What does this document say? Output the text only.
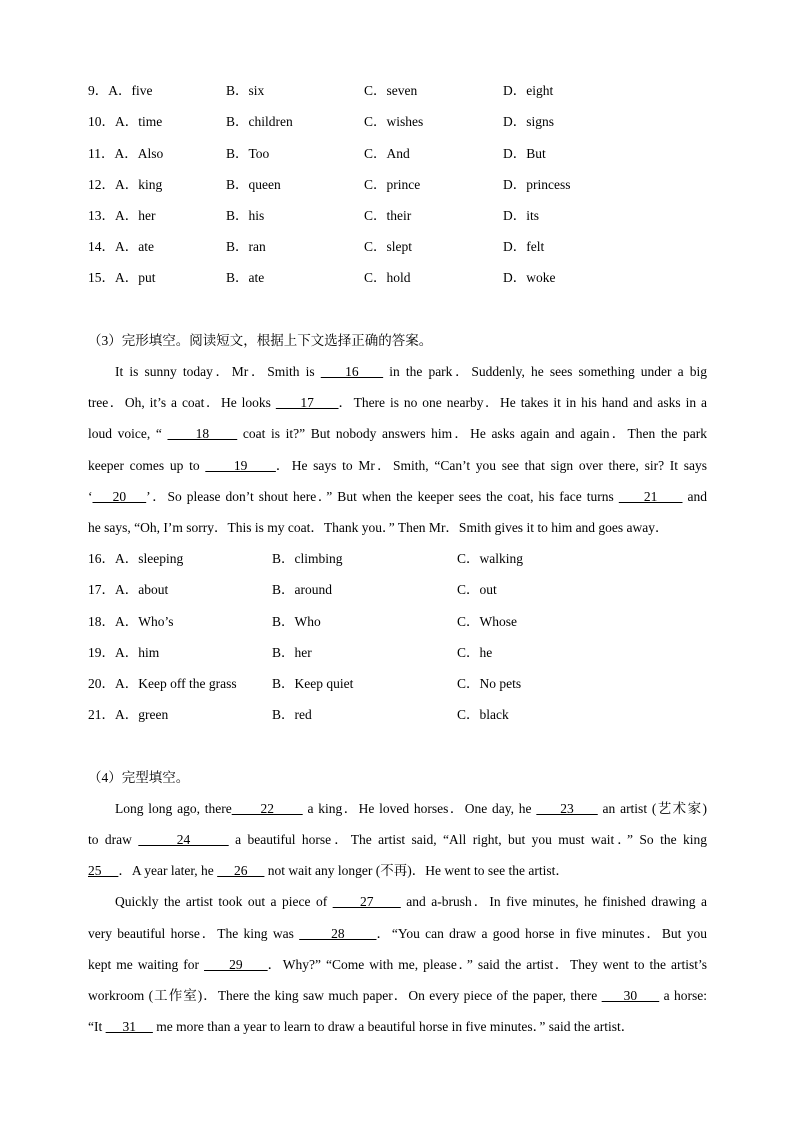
9．A．five	B．six	C．seven	D．eight
10．A．time	B．children	C．wishes	D．signs
11．A．Also	B．Too	C．And	D．But
12．A．king	B．queen	C．prince	D．princess
13．A．her	B．his	C．their	D．its
14．A．ate	B．ran	C．slept	D．felt
15．A．put	B．ate	C．hold	D．woke
（3）完形填空。阅读短文，根据上下文选择正确的答案。
It is sunny today．Mr．Smith is     16     in the park．Suddenly, he sees something under a big
tree．Oh, it’s a coat．He looks      17     ．There is no one nearby．He takes it in his hand and asks in a
loud voice, “      18      coat is it?” But nobody answers him．He asks again and again．Then the park
keeper comes up to      19     ．He says to Mr．Smith, “Can’t you see that sign over there, sir? It says
‘    20    ’．So please don’t shout here．” But when the keeper sees the coat, his face turns      21      and
he says, “Oh, I’m sorry．This is my coat．Thank you．” Then Mr．Smith gives it to him and goes away．
16．A．sleeping	B．climbing	C．walking
17．A．about	B．around	C．out
18．A．Who’s	B．Who	C．Whose
19．A．him	B．her	C．he
20．A．Keep off the grass	B．Keep quiet	C．No pets
21．A．green	B．red	C．black
（4）完型填空。
Long long ago, there      22       a king．He loved horses．One day, he      23      an artist (艺术家)
to draw       24       a beautiful horse．The artist said, “All right, but you must wait．” So the king
25     ．A year later, he      26      not wait any longer (不再)．He went to see the artist．
Quickly the artist took out a piece of      27      and a-brush．In five minutes, he finished drawing a
very beautiful horse．The king was       28      ．“You can draw a good horse in five minutes．But you
kept me waiting for      29     ．Why?” “Come with me, please．” said the artist．They went to the artist’s
workroom (工作室)．There the king saw much paper．On every piece of the paper, there      30      a horse:
“It      31      me more than a year to learn to draw a beautiful horse in five minutes．” said the artist．
